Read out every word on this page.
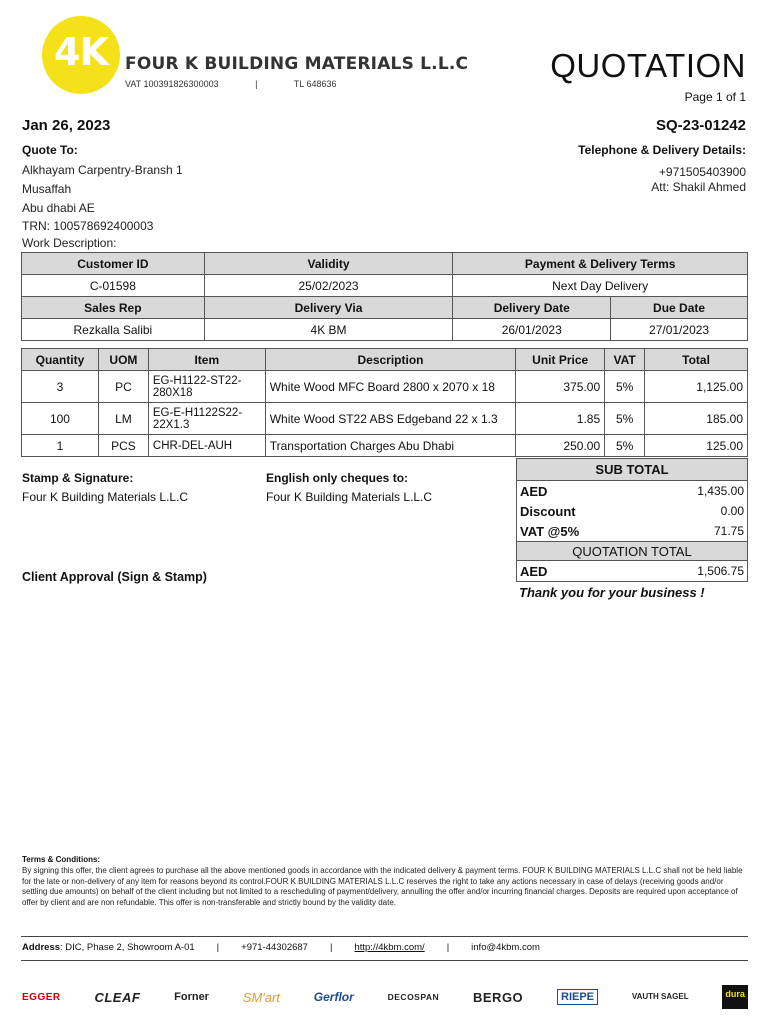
4K	FOUR K BUILDING MATERIALS L.L.C
VAT 100391826300003	|	TL 648636	QUOTATION
Page 1 of 1
Jan 26, 2023	SQ-23-01242
Quote To:
Alkhayam Carpentry-Bransh 1
Musaffah
Abu dhabi AE
TRN: 100578692400003
Work Description:
Telephone & Delivery Details:
+971505403900
Att: Shakil Ahmed
Customer ID	Validity	Payment & Delivery Terms	
C-01598	25/02/2023	Next Day Delivery	
Sales Rep	Delivery Via	Delivery Date	Due Date
Rezkalla Salibi	4K BM	26/01/2023	27/01/2023
Quantity	UOM	Item	Description	Unit Price	VAT	Total
3	PC	EG-H1122-ST22-280X18	White Wood MFC Board 2800 x 2070 x 18	375.00	5%	1,125.00
100	LM	EG-E-H1122S22-22X1.3	White Wood ST22 ABS Edgeband 22 x 1.3	1.85	5%	185.00
1	PCS	CHR-DEL-AUH	Transportation Charges Abu Dhabi	250.00	5%	125.00
Stamp & Signature:
Four K Building Materials L.L.C
English only cheques to:
Four K Building Materials L.L.C
Client Approval (Sign & Stamp)
SUB TOTAL
AED	1,435.00
Discount	0.00
VAT @5%	71.75
QUOTATION TOTAL
AED	1,506.75
Thank you for your business !
Terms & Conditions:
By signing this offer, the client agrees to purchase all the above mentioned goods in accordance with the indicated delivery & payment terms. FOUR K BUILDING MATERIALS L.L.C shall not be held liable for the late or non-delivery of any item for reasons beyond its control.FOUR K BUILDING MATERIALS L.L.C reserves the right to take any actions necessary in case of delays (receiving goods and/or settling due amounts) on behalf of the client including but not limited to a rescheduling of payment/delivery, annulling the offer and/or incurring financial charges. Deposits are required upon acceptance of offer by client and are non refundable. This offer is non-transferable and strictly bound by the validity date.
Address: DIC, Phase 2, Showroom A-01 | +971-44302687 | http://4kbm.com/ | info@4kbm.com
EGGER	CLEAF	Forner	SM'art	Gerflor	DECOSPAN	BERGO	RIEPE	VAUTH SAGEL	dura
